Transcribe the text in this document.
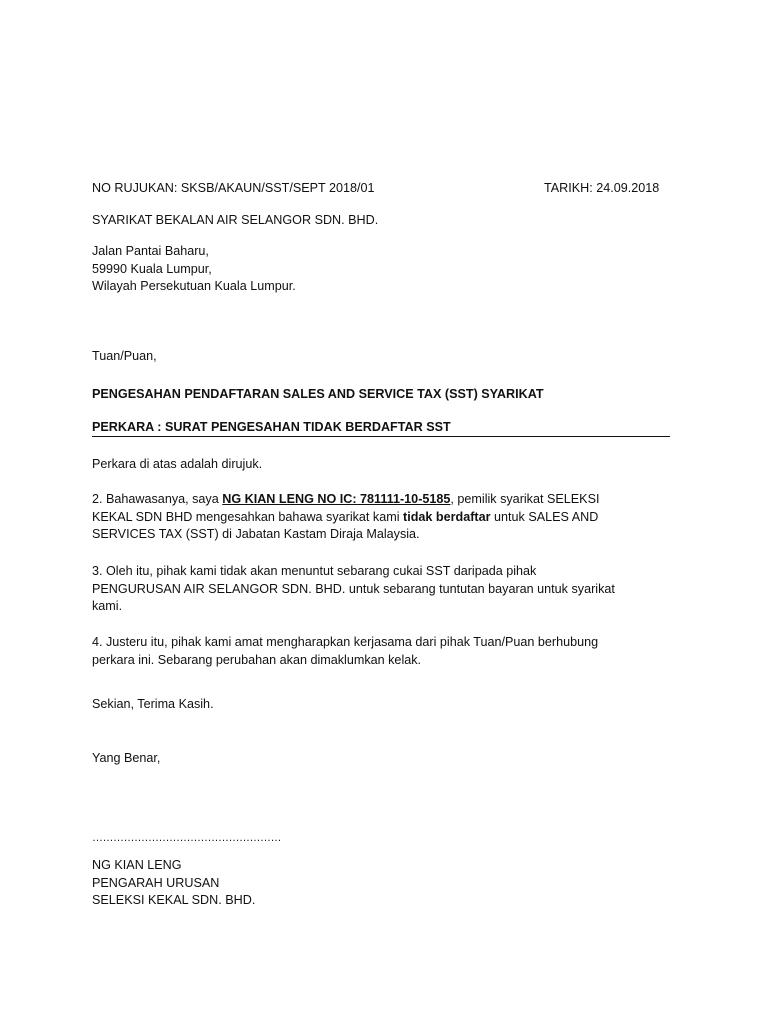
NO RUJUKAN: SKSB/AKAUN/SST/SEPT 2018/01	TARIKH: 24.09.2018
SYARIKAT BEKALAN AIR SELANGOR SDN. BHD.
Jalan Pantai Baharu,
59990 Kuala Lumpur,
Wilayah Persekutuan Kuala Lumpur.
Tuan/Puan,
PENGESAHAN PENDAFTARAN SALES AND SERVICE TAX (SST) SYARIKAT
PERKARA : SURAT PENGESAHAN TIDAK BERDAFTAR SST
Perkara di atas adalah dirujuk.
2. Bahawasanya, saya NG KIAN LENG NO IC: 781111-10-5185, pemilik syarikat SELEKSI
KEKAL SDN BHD mengesahkan bahawa syarikat kami tidak berdaftar untuk SALES AND
SERVICES TAX (SST) di Jabatan Kastam Diraja Malaysia.
3. Oleh itu, pihak kami tidak akan menuntut sebarang cukai SST daripada pihak
PENGURUSAN AIR SELANGOR SDN. BHD. untuk sebarang tuntutan bayaran untuk syarikat
kami.
4. Justeru itu, pihak kami amat mengharapkan kerjasama dari pihak Tuan/Puan berhubung
perkara ini. Sebarang perubahan akan dimaklumkan kelak.
Sekian, Terima Kasih.
Yang Benar,
………………………………………………
NG KIAN LENG
PENGARAH URUSAN
SELEKSI KEKAL SDN. BHD.
